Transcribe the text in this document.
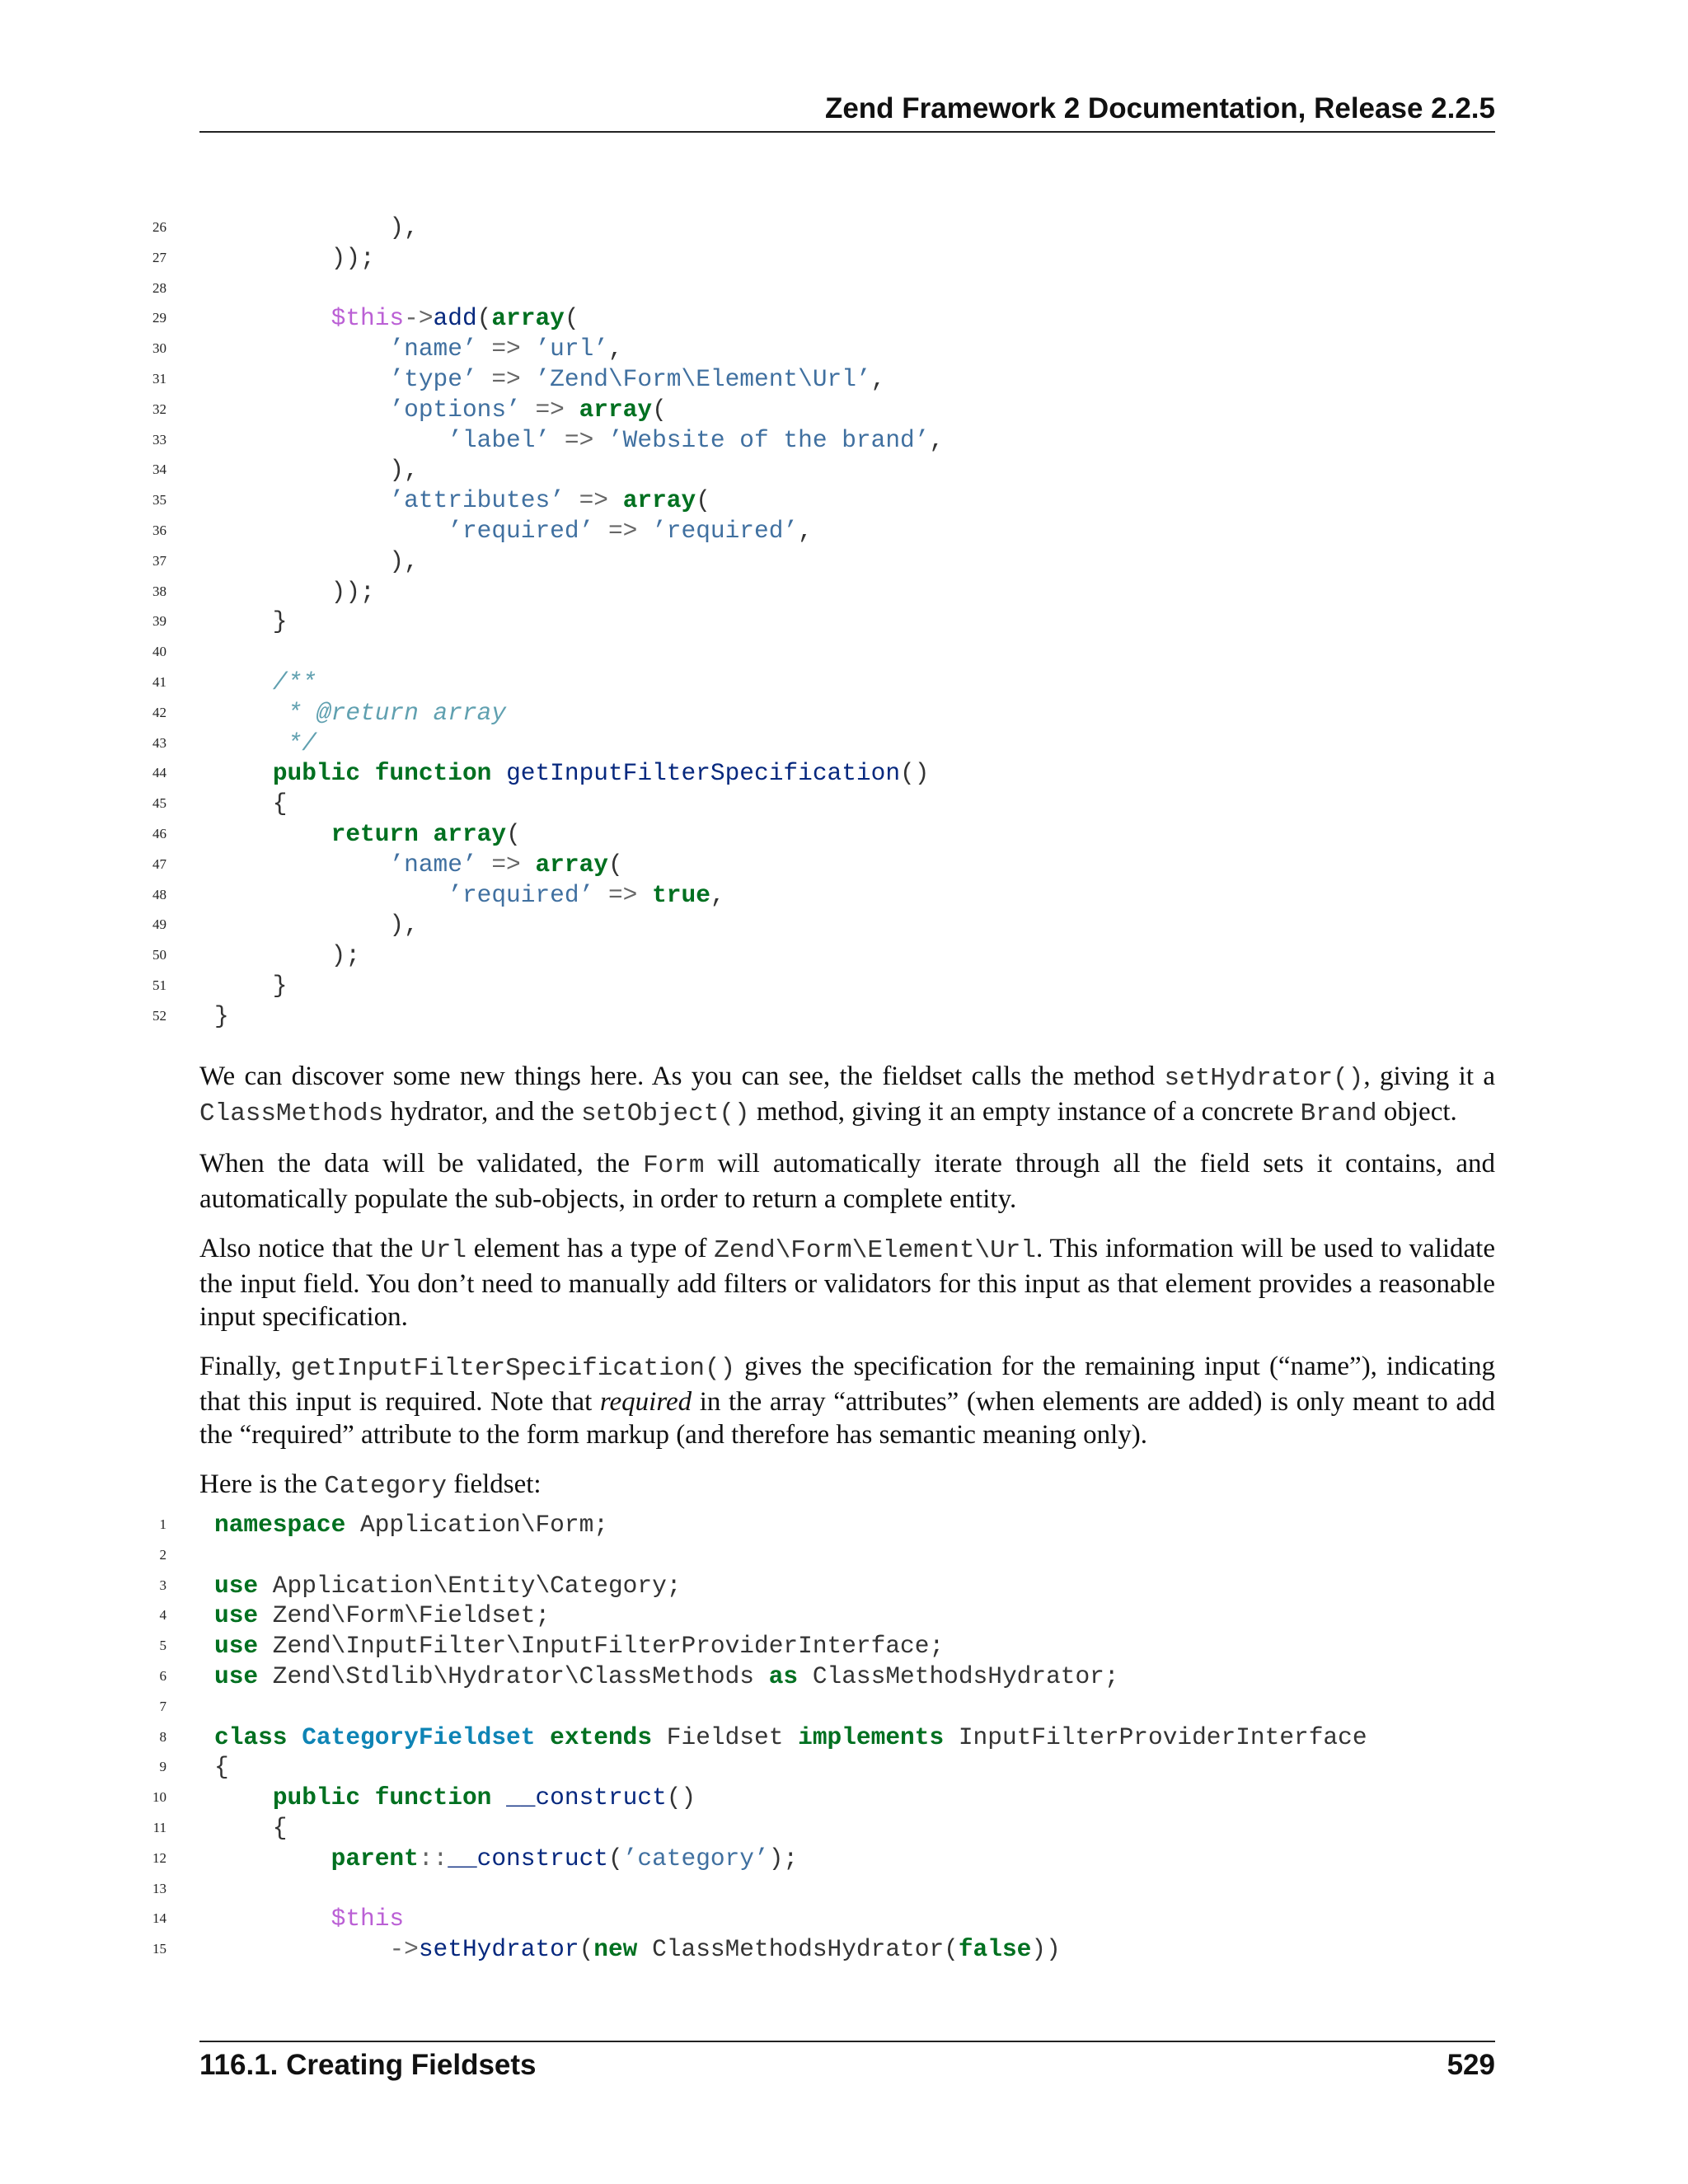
Zend Framework 2 Documentation, Release 2.2.5
26 ),
27 ));
28
29	$this->add(array(
30	’name’ => ’url’,
31	’type’ => ’Zend\Form\Element\Url’,
32	’options’ => array(
33	’label’ => ’Website of the brand’,
34 ),
35	’attributes’ => array(
36	’required’ => ’required’,
37 ),
38 ));
39 }
40
41	/**
42	* @return array
43	*/
44	public function getInputFilterSpecification()
45 {
46	return array(
47	’name’ => array(
48	’required’ => true,
49 ),
50 );
51 }
52 }

We can discover some new things here. As you can see, the fieldset calls the method setHydrator(), giving it a ClassMethods hydrator, and the setObject() method, giving it an empty instance of a concrete Brand object.

When the data will be validated, the Form will automatically iterate through all the field sets it contains, and automatically populate the sub-objects, in order to return a complete entity.

Also notice that the Url element has a type of Zend\Form\Element\Url. This information will be used to validate the input field. You don’t need to manually add filters or validators for this input as that element provides a reasonable input specification.

Finally, getInputFilterSpecification() gives the specification for the remaining input (“name”), indicating that this input is required. Note that required in the array “attributes” (when elements are added) is only meant to add the “required” attribute to the form markup (and therefore has semantic meaning only).

Here is the Category fieldset:

1 namespace Application\Form;
2
3 use Application\Entity\Category;
4 use Zend\Form\Fieldset;
5 use Zend\InputFilter\InputFilterProviderInterface;
6 use Zend\Stdlib\Hydrator\ClassMethods as ClassMethodsHydrator;
7
8 class CategoryFieldset extends Fieldset implements InputFilterProviderInterface
9 {
10	public function __construct()
11 {
12	parent::__construct(’category’);
13
14	$this
15	->setHydrator(new ClassMethodsHydrator(false))
116.1. Creating Fieldsets	529
